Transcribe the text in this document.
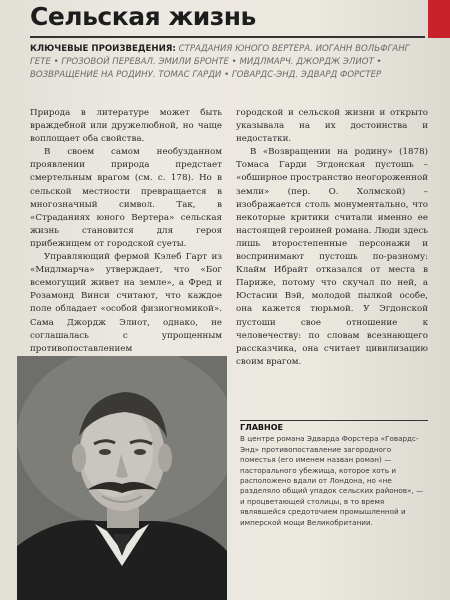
Сельская жизнь
КЛЮЧЕВЫЕ ПРОИЗВЕДЕНИЯ: СТРАДАНИЯ ЮНОГО ВЕРТЕРА. ИОГАНН ВОЛЬФГАНГ ГЕТЕ • ГРОЗОВОЙ ПЕРЕВАЛ. ЭМИЛИ БРОНТЕ • МИДЛМАРЧ. ДЖОРДЖ ЭЛИОТ • ВОЗВРАЩЕНИЕ НА РОДИНУ. ТОМАС ГАРДИ • ГОВАРДС-ЭНД. ЭДВАРД ФОРСТЕР

Природа в литературе может быть враждебной или дружелюбной, но чаще воплощает оба свойства.

В своем самом необузданном проявлении природа предстает смертельным врагом (см. с. 178). Но в сельской местности превращается в многозначный символ. Так, в «Страданиях юного Вертера» сельская жизнь становится для героя прибежищем от городской суеты.

Управляющий фермой Кэлеб Гарт из «Мидлмарча» утверждает, что «Бог всемогущий живет на земле», а Фред и Розамонд Винси считают, что каждое поле обладает «особой физиогномикой». Сама Джордж Элиот, однако, не соглашалась с упрощенным противопоставлением

городской и сельской жизни и открыто указывала на их достоинства и недостатки.

В «Возвращении на родину» (1878) Томаса Гарди Эгдонская пустошь – «обширное пространство неогороженной земли» (пер. О. Холмской) – изображается столь монументально, что некоторые критики считали именно ее настоящей героиней романа. Люди здесь лишь второстепенные персонажи и воспринимают пустошь по-разному: Клайм Ибрайт отказался от места в Париже, потому что скучал по ней, а Юстасии Вэй, молодой пылкой особе, она кажется тюрьмой. У Эгдонской пустоши свое отношение к человечеству: по словам всезнающего рассказчика, она считает цивилизацию своим врагом.

ГЛАВНОЕ

В центре романа Эдварда Форстера «Говардс-Энд» противопоставление загородного поместья (его именем назван роман) — пасторального убежища, которое хоть и расположено вдали от Лондона, но «не разделяло общий упадок сельских районов», — и процветающей столицы, в то время являвшейся средоточием промышленной и имперской мощи Великобритании.
